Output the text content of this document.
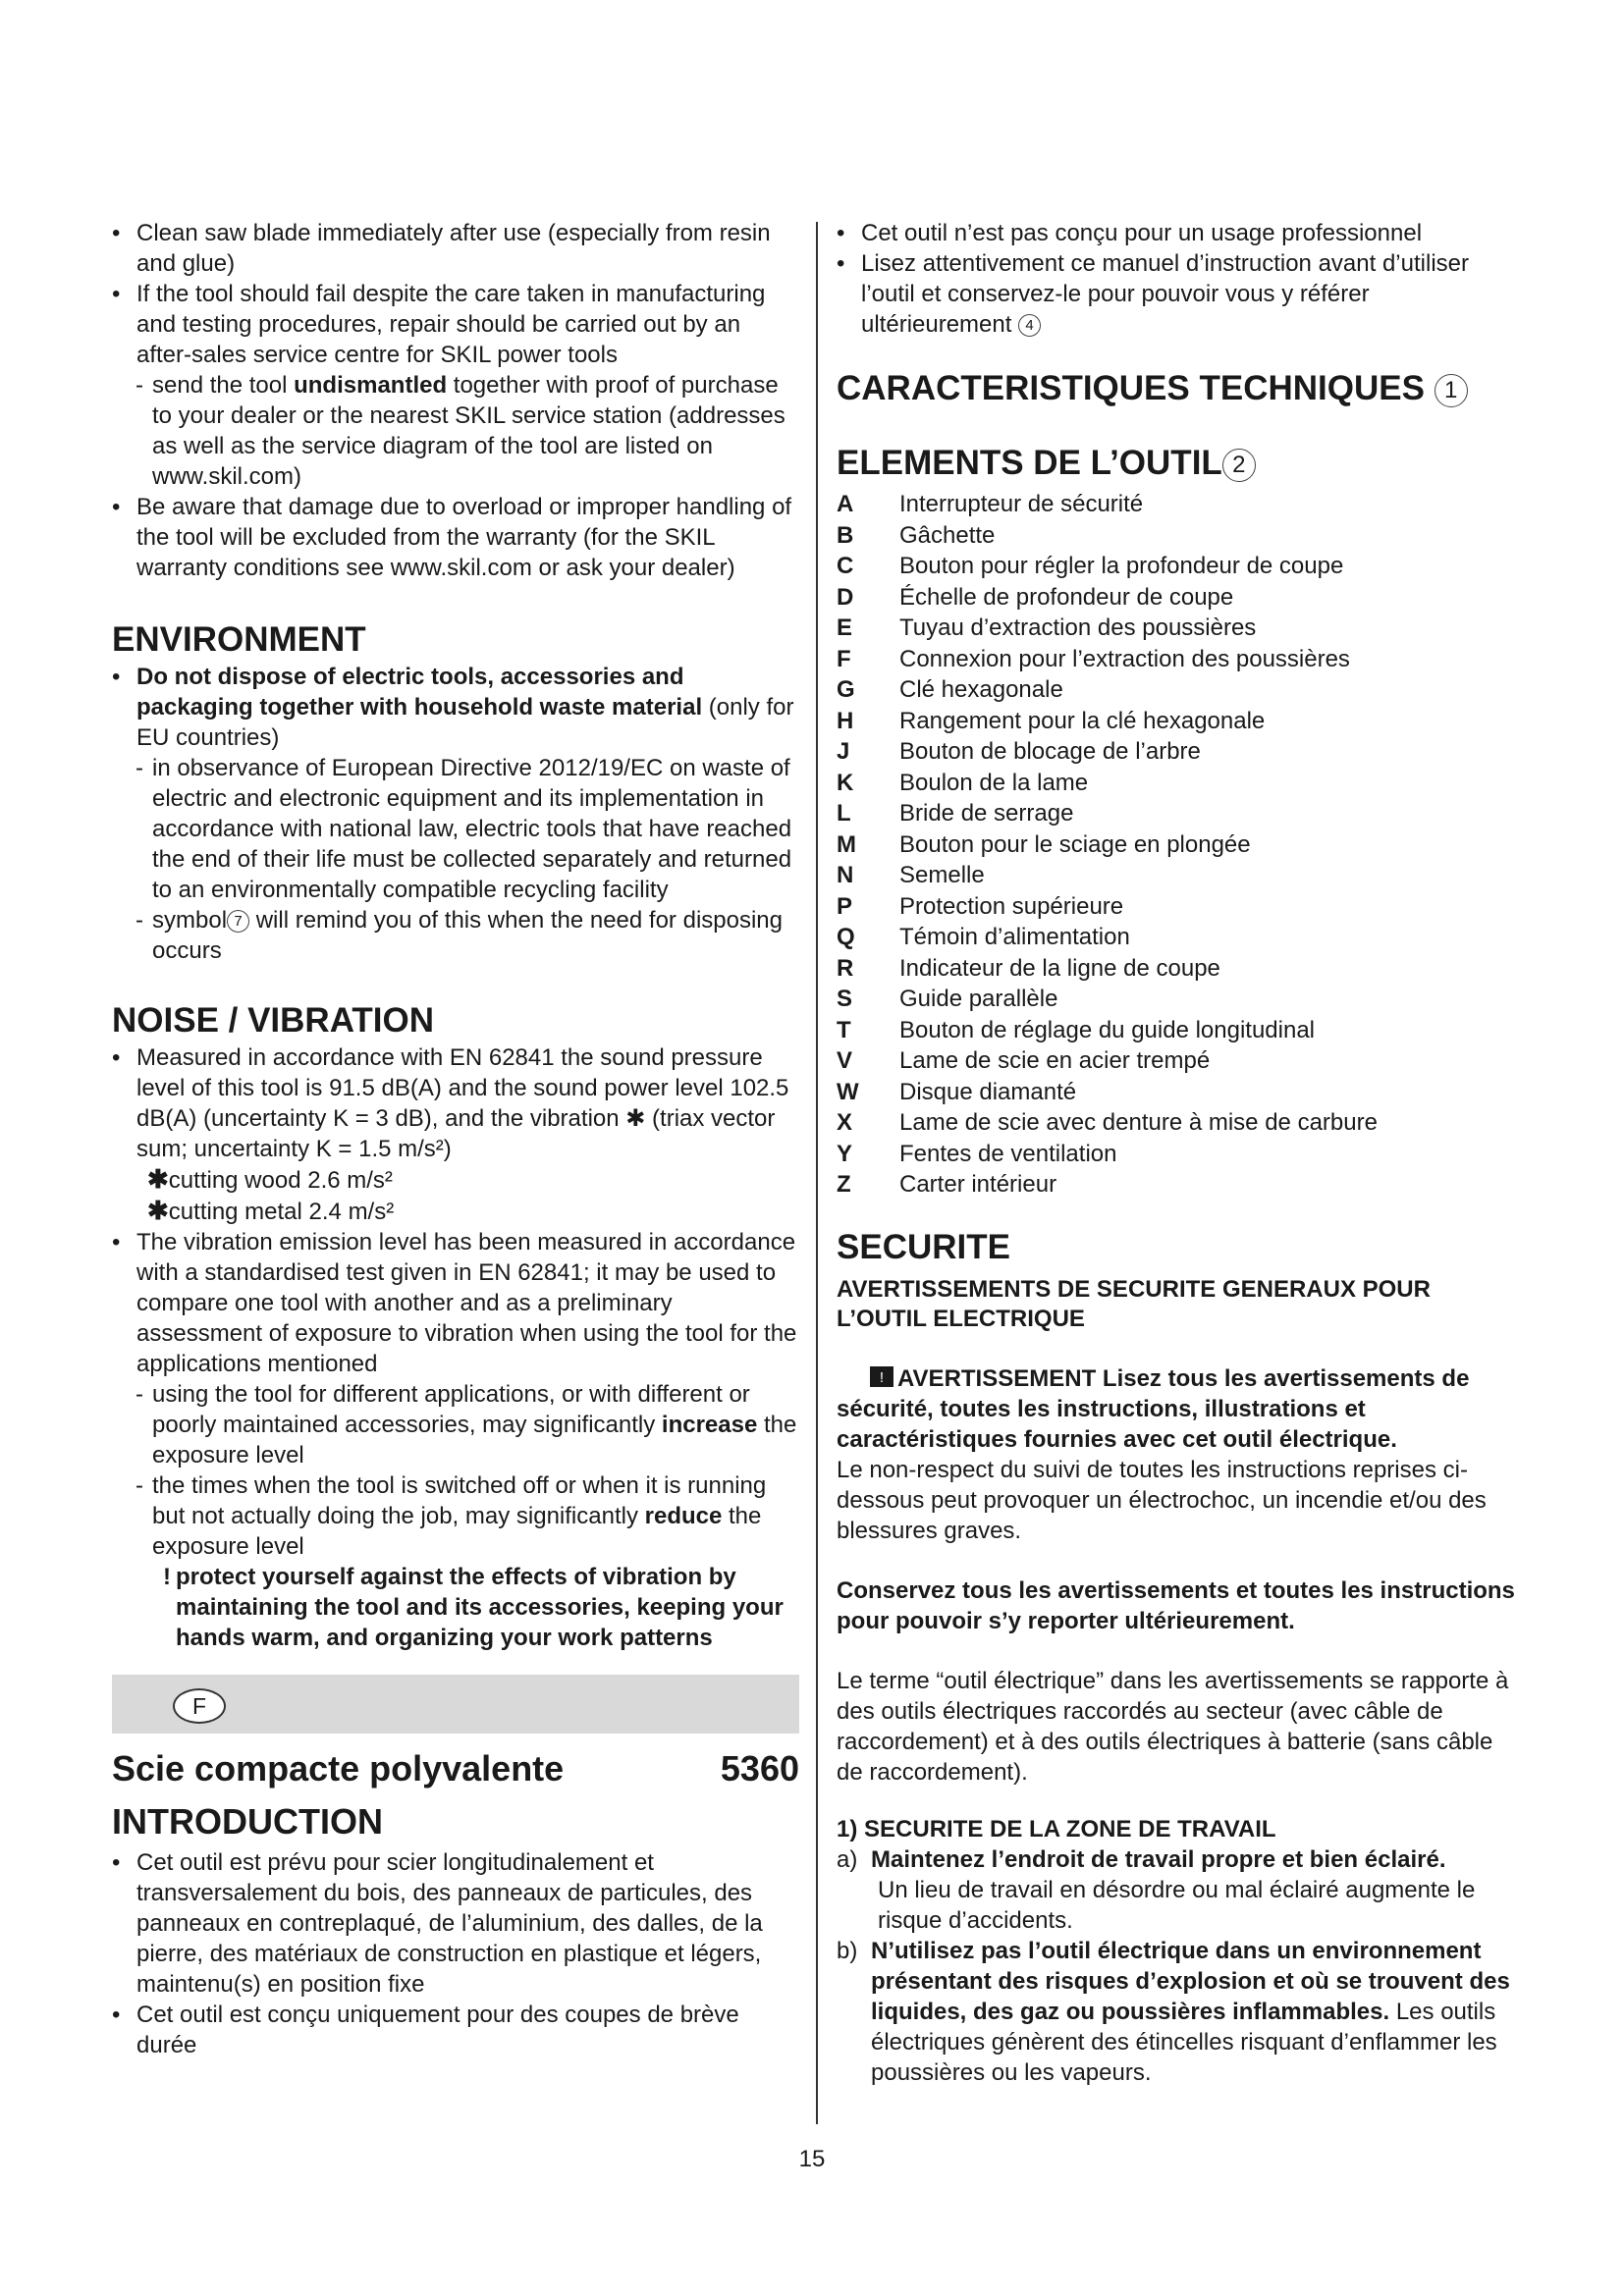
• Clean saw blade immediately after use (especially from resin and glue)

• If the tool should fail despite the care taken in manufacturing and testing procedures, repair should be carried out by an after-sales service centre for SKIL power tools

- send the tool undismantled together with proof of purchase to your dealer or the nearest SKIL service station (addresses as well as the service diagram of the tool are listed on www.skil.com)

• Be aware that damage due to overload or improper handling of the tool will be excluded from the warranty (for the SKIL warranty conditions see www.skil.com or ask your dealer)

ENVIRONMENT

• Do not dispose of electric tools, accessories and packaging together with household waste material (only for EU countries)

- in observance of European Directive 2012/19/EC on waste of electric and electronic equipment and its implementation in accordance with national law, electric tools that have reached the end of their life must be collected separately and returned to an environmentally compatible recycling facility

- symbol 7 will remind you of this when the need for disposing occurs

NOISE / VIBRATION

• Measured in accordance with EN 62841 the sound pressure level of this tool is 91.5 dB(A) and the sound power level 102.5 dB(A) (uncertainty K = 3 dB), and the vibration ✱ (triax vector sum; uncertainty K = 1.5 m/s²)

✱cutting wood 2.6 m/s²

✱cutting metal 2.4 m/s²

• The vibration emission level has been measured in accordance with a standardised test given in EN 62841; it may be used to compare one tool with another and as a preliminary assessment of exposure to vibration when using the tool for the applications mentioned

- using the tool for different applications, or with different or poorly maintained accessories, may significantly increase the exposure level

- the times when the tool is switched off or when it is running but not actually doing the job, may significantly reduce the exposure level

! protect yourself against the effects of vibration by maintaining the tool and its accessories, keeping your hands warm, and organizing your work patterns

F
Scie compacte polyvalente	5360
INTRODUCTION

• Cet outil est prévu pour scier longitudinalement et transversalement du bois, des panneaux de particules, des panneaux en contreplaqué, de l’aluminium, des dalles, de la pierre, des matériaux de construction en plastique et légers, maintenu(s) en position fixe

• Cet outil est conçu uniquement pour des coupes de brève durée

• Cet outil n’est pas conçu pour un usage professionnel

• Lisez attentivement ce manuel d’instruction avant d’utiliser l’outil et conservez-le pour pouvoir vous y référer ultérieurement 4

CARACTERISTIQUES TECHNIQUES 1
ELEMENTS DE L’OUTIL 2
A	Interrupteur de sécurité
B	Gâchette
C	Bouton pour régler la profondeur de coupe
D	Échelle de profondeur de coupe
E	Tuyau d’extraction des poussières
F	Connexion pour l’extraction des poussières
G	Clé hexagonale
H	Rangement pour la clé hexagonale
J	Bouton de blocage de l’arbre
K	Boulon de la lame
L	Bride de serrage
M	Bouton pour le sciage en plongée
N	Semelle
P	Protection supérieure
Q	Témoin d’alimentation
R	Indicateur de la ligne de coupe
S	Guide parallèle
T	Bouton de réglage du guide longitudinal
V	Lame de scie en acier trempé
W	Disque diamanté
X	Lame de scie avec denture à mise de carbure
Y	Fentes de ventilation
Z	Carter intérieur
SECURITE
AVERTISSEMENTS DE SECURITE GENERAUX POUR L’OUTIL ELECTRIQUE

! AVERTISSEMENT Lisez tous les avertissements de sécurité, toutes les instructions, illustrations et caractéristiques fournies avec cet outil électrique.

Le non-respect du suivi de toutes les instructions reprises ci-dessous peut provoquer un électrochoc, un incendie et/ou des blessures graves.

Conservez tous les avertissements et toutes les instructions pour pouvoir s’y reporter ultérieurement.

Le terme “outil électrique” dans les avertissements se rapporte à des outils électriques raccordés au secteur (avec câble de raccordement) et à des outils électriques à batterie (sans câble de raccordement).

1) SECURITE DE LA ZONE DE TRAVAIL

a) Maintenez l’endroit de travail propre et bien éclairé.

Un lieu de travail en désordre ou mal éclairé augmente le risque d’accidents.

b) N’utilisez pas l’outil électrique dans un environnement présentant des risques d’explosion et où se trouvent des liquides, des gaz ou poussières inflammables. Les outils électriques génèrent des étincelles risquant d’enflammer les poussières ou les vapeurs.

15
